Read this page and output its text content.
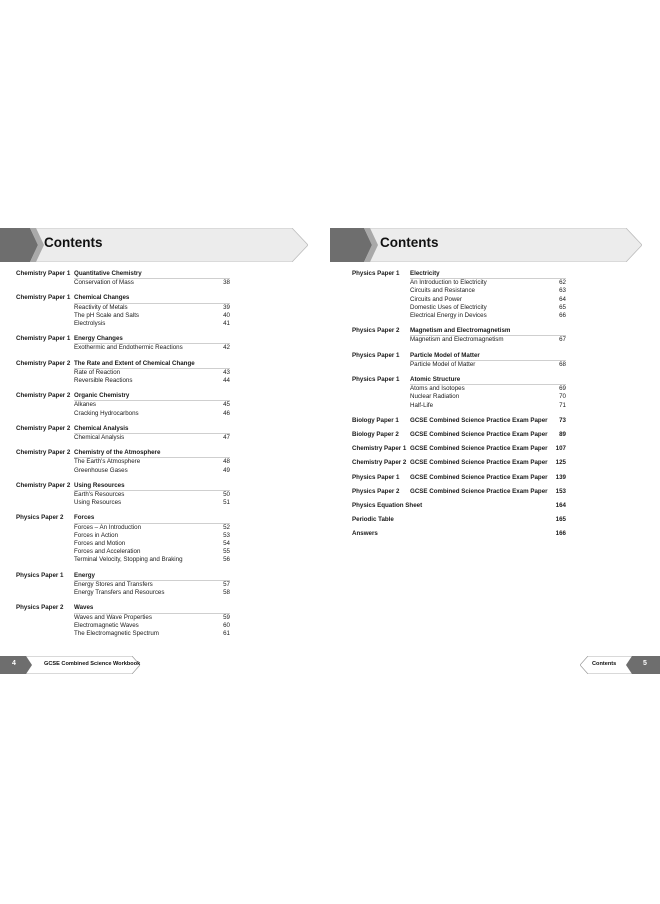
Contents
Chemistry Paper 1 Quantitative Chemistry
Conservation of Mass	38
Chemistry Paper 1 Chemical Changes
Reactivity of Metals	39
The pH Scale and Salts	40
Electrolysis	41
Chemistry Paper 1 Energy Changes
Exothermic and Endothermic Reactions	42
Chemistry Paper 2 The Rate and Extent of Chemical Change
Rate of Reaction	43
Reversible Reactions	44
Chemistry Paper 2 Organic Chemistry
Alkanes	45
Cracking Hydrocarbons	46
Chemistry Paper 2 Chemical Analysis
Chemical Analysis	47
Chemistry Paper 2 Chemistry of the Atmosphere
The Earth's Atmosphere	48
Greenhouse Gases	49
Chemistry Paper 2 Using Resources
Earth's Resources	50
Using Resources	51
Physics Paper 2 Forces
Forces – An Introduction	52
Forces in Action	53
Forces and Motion	54
Forces and Acceleration	55
Terminal Velocity, Stopping and Braking	56
Physics Paper 1 Energy
Energy Stores and Transfers	57
Energy Transfers and Resources	58
Physics Paper 2 Waves
Waves and Wave Properties	59
Electromagnetic Waves	60
The Electromagnetic Spectrum	61
4	GCSE Combined Science Workbook
Contents
Physics Paper 1 Electricity
An Introduction to Electricity	62
Circuits and Resistance	63
Circuits and Power	64
Domestic Uses of Electricity	65
Electrical Energy in Devices	66
Physics Paper 2 Magnetism and Electromagnetism
Magnetism and Electromagnetism	67
Physics Paper 1 Particle Model of Matter
Particle Model of Matter	68
Physics Paper 1 Atomic Structure
Atoms and Isotopes	69
Nuclear Radiation	70
Half-Life	71
Biology Paper 1 GCSE Combined Science Practice Exam Paper	73
Biology Paper 2 GCSE Combined Science Practice Exam Paper	89
Chemistry Paper 1 GCSE Combined Science Practice Exam Paper	107
Chemistry Paper 2 GCSE Combined Science Practice Exam Paper	125
Physics Paper 1 GCSE Combined Science Practice Exam Paper	139
Physics Paper 2 GCSE Combined Science Practice Exam Paper	153
Physics Equation Sheet	164
Periodic Table	165
Answers	166
Contents	5
